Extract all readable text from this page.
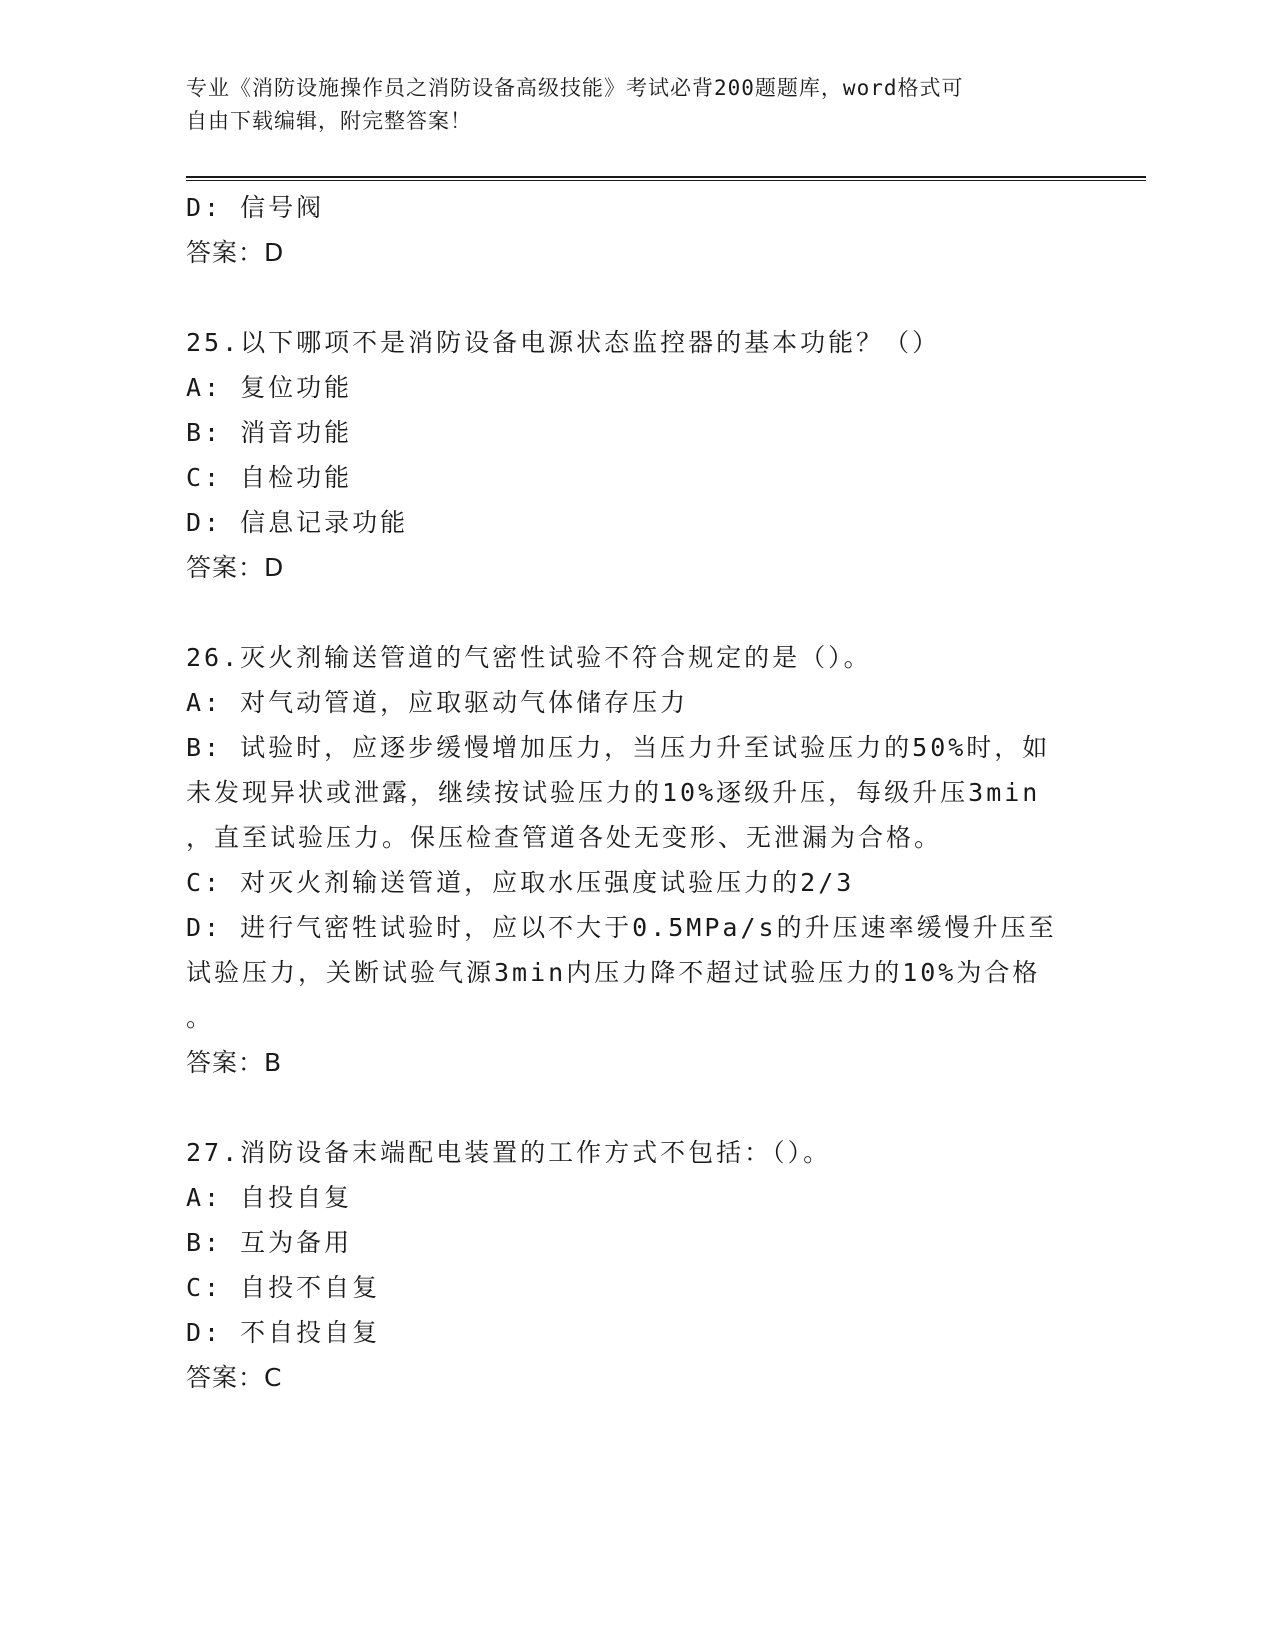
专业《消防设施操作员之消防设备高级技能》考试必背200题题库，word格式可
自由下载编辑，附完整答案！
D: 信号阀
答案：D
25.以下哪项不是消防设备电源状态监控器的基本功能？（）
A: 复位功能
B: 消音功能
C: 自检功能
D: 信息记录功能
答案：D
26.灭火剂输送管道的气密性试验不符合规定的是（）。
A: 对气动管道，应取驱动气体储存压力
B: 试验时，应逐步缓慢增加压力，当压力升至试验压力的50%时，如
未发现异状或泄露，继续按试验压力的10%逐级升压，每级升压3min
，直至试验压力。保压检查管道各处无变形、无泄漏为合格。
C: 对灭火剂输送管道，应取水压强度试验压力的2/3
D: 进行气密牲试验时，应以不大于0.5MPa/s的升压速率缓慢升压至
试验压力，关断试验气源3min内压力降不超过试验压力的10%为合格
。
答案：B
27.消防设备末端配电装置的工作方式不包括：（）。
A: 自投自复
B: 互为备用
C: 自投不自复
D: 不自投自复
答案：C
